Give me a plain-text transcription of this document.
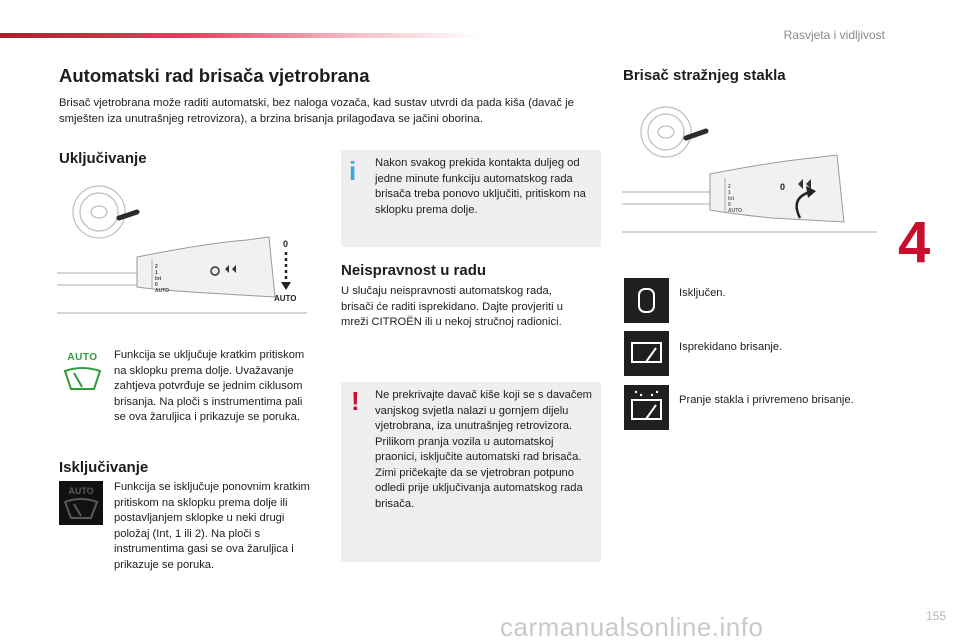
Rasvjeta i vidljivost
4
Automatski rad brisača vjetrobrana
Brisač vjetrobrana može raditi automatski, bez naloga vozača, kad sustav utvrdi da pada kiša (davač je smješten iza unutrašnjeg retrovizora), a brzina brisanja prilagođava se jačini oborina.
Uključivanje
2
1
Int
0
AUTO
0
AUTO
AUTO	Funkcija se uključuje kratkim pritiskom na sklopku prema dolje. Uvažavanje zahtjeva potvrđuje se jednim ciklusom brisanja. Na ploči s instrumentima pali se ova žaruljica i prikazuje se poruka.
Isključivanje
AUTO	Funkcija se isključuje ponovnim kratkim pritiskom na sklopku prema dolje ili postavljanjem sklopke u neki drugi položaj (Int, 1 ili 2). Na ploči s instrumentima gasi se ova žaruljica i prikazuje se poruka.
i	Nakon svakog prekida kontakta duljeg od jedne minute funkciju automatskog rada brisača treba ponovo uključiti, pritiskom na sklopku prema dolje.
Neispravnost u radu
U slučaju neispravnosti automatskog rada, brisači će raditi isprekidano. Dajte provjeriti u mreži CITROËN ili u nekoj stručnoj radionici.
!	Ne prekrivajte davač kiše koji se s davačem vanjskog svjetla nalazi u gornjem dijelu vjetrobrana, iza unutrašnjeg retrovizora. Prilikom pranja vozila u automatskoj praonici, isključite automatski rad brisača. Zimi pričekajte da se vjetrobran potpuno odledi prije uključivanja automatskog rada brisača.
Brisač stražnjeg stakla
2
1
Int
0
AUTO
0
Isključen.
Isprekidano brisanje.
Pranje stakla i privremeno brisanje.
carmanualsonline.info	155
